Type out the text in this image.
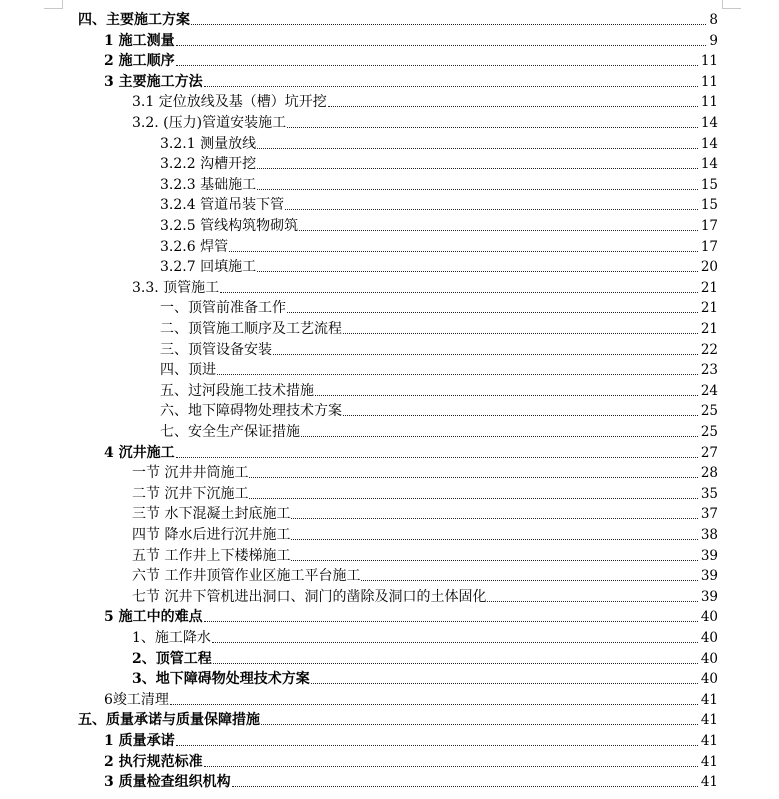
四、主要施工方案	8
1 施工测量	9
2 施工顺序	11
3 主要施工方法	11
3.1 定位放线及基（槽）坑开挖	11
3.2. (压力)管道安装施工	14
3.2.1 测量放线	14
3.2.2 沟槽开挖	14
3.2.3 基础施工	15
3.2.4 管道吊装下管	15
3.2.5 管线构筑物砌筑	17
3.2.6 焊管	17
3.2.7 回填施工	20
3.3. 顶管施工	21
一、顶管前准备工作	21
二、顶管施工顺序及工艺流程	21
三、顶管设备安装	22
四、顶进	23
五、过河段施工技术措施	24
六、地下障碍物处理技术方案	25
七、安全生产保证措施	25
4 沉井施工	27
一节 沉井井筒施工	28
二节 沉井下沉施工	35
三节 水下混凝土封底施工	37
四节 降水后进行沉井施工	38
五节 工作井上下楼梯施工	39
六节 工作井顶管作业区施工平台施工	39
七节 沉井下管机进出洞口、洞门的凿除及洞口的土体固化	39
5 施工中的难点	40
1、施工降水	40
2、顶管工程	40
3、地下障碍物处理技术方案	40
6竣工清理	41
五、质量承诺与质量保障措施	41
1 质量承诺	41
2 执行规范标准	41
3 质量检查组织机构	41
